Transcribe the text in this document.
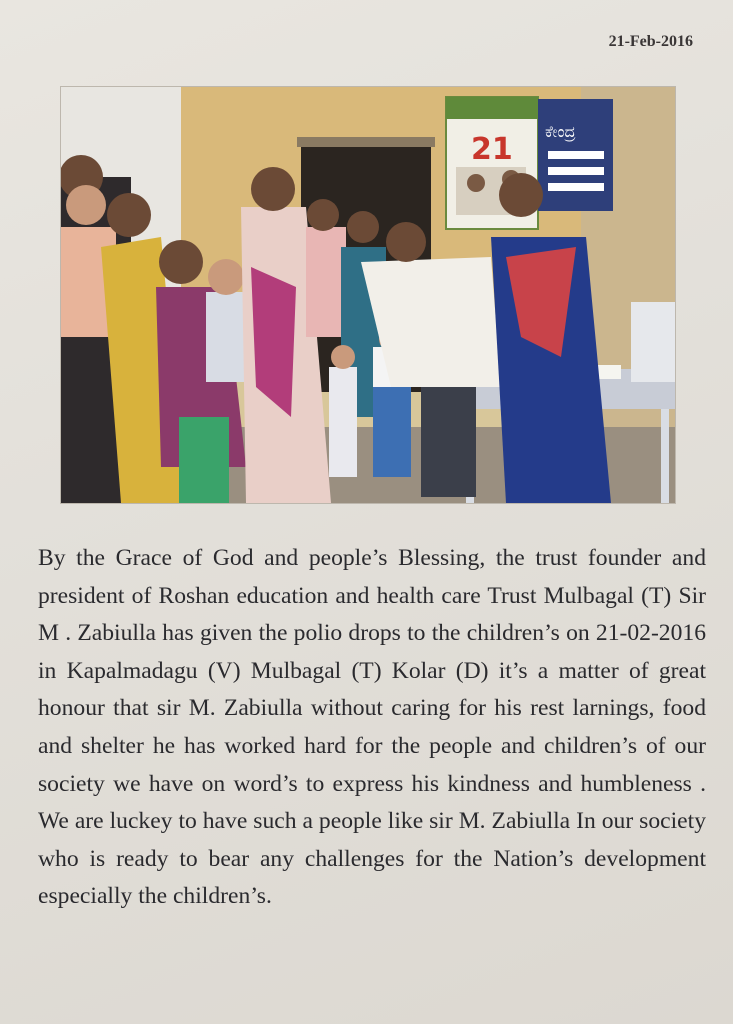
21-Feb-2016
21
ಕೇಂದ್ರ

By the Grace of God and people’s Blessing, the trust founder and president of Roshan education and health care Trust Mulbagal (T) Sir M . Zabiulla has given the polio drops to the children’s on 21-02-2016 in Kapalmadagu (V) Mulbagal (T) Kolar (D) it’s a matter of great honour that sir M. Zabiulla without caring for his rest larnings, food and shelter he has worked hard for the people and children’s of our society we have on word’s to express his kindness and humbleness . We are luckey to have such a people like sir M. Zabiulla In our society who is ready to bear any challenges for the Nation’s development especially the children’s.
